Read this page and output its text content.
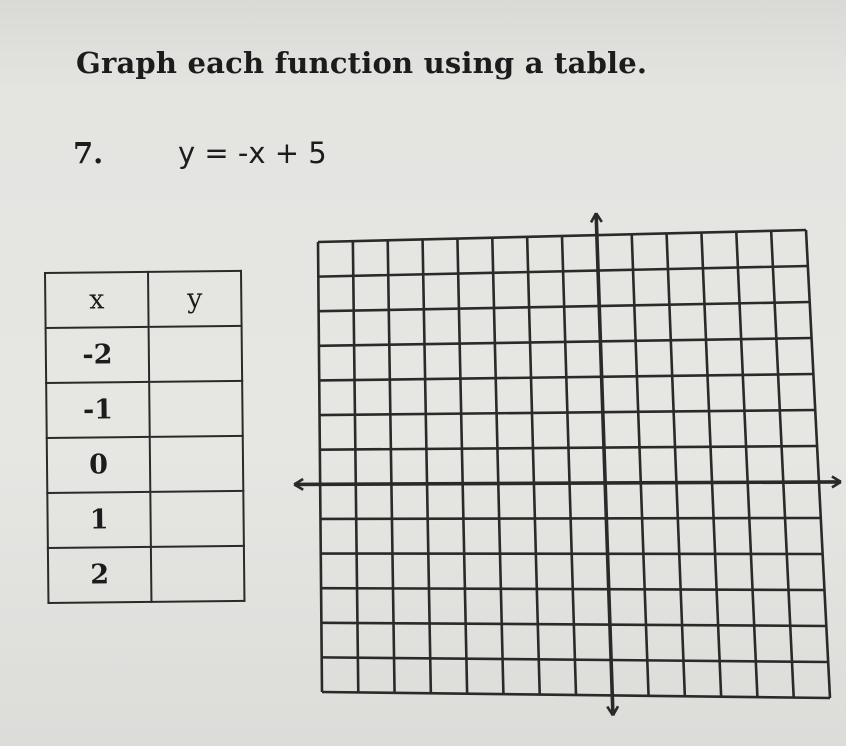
Graph each function using a table.
7.	y = -x + 5
x	y
-2	
-1	
0	
1	
2	
